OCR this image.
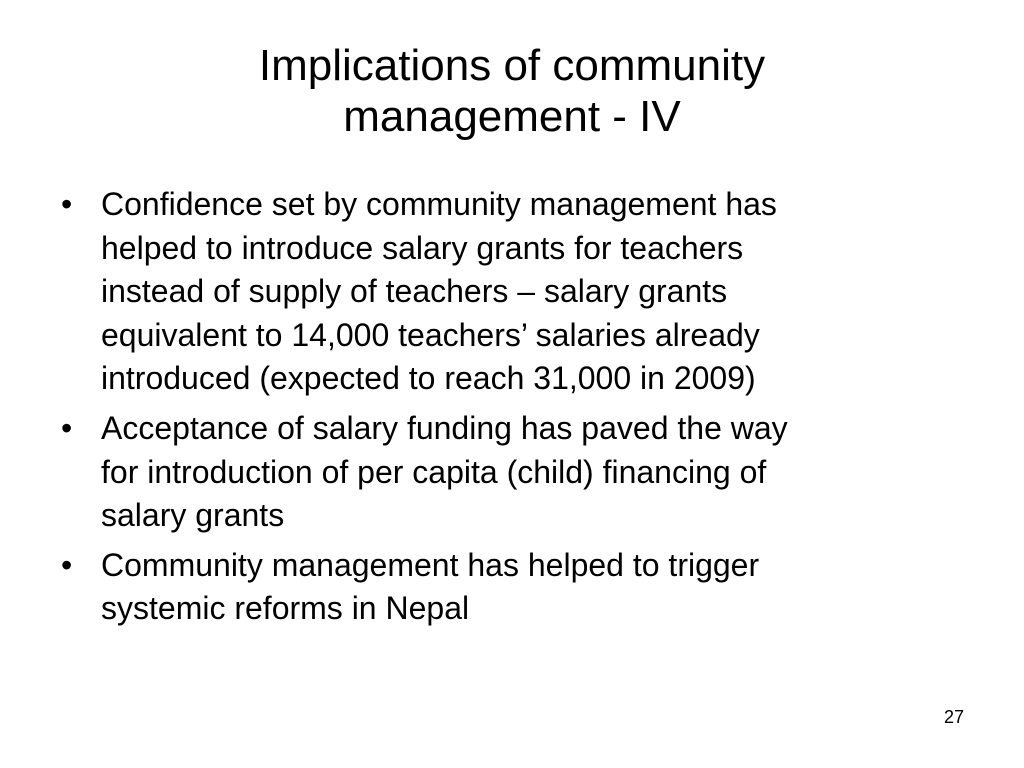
Implications of community
management - IV
• Confidence set by community management has
helped to introduce salary grants for teachers
instead of supply of teachers – salary grants
equivalent to 14,000 teachers’ salaries already
introduced (expected to reach 31,000 in 2009)
• Acceptance of salary funding has paved the way
for introduction of per capita (child) financing of
salary grants
• Community management has helped to trigger
systemic reforms in Nepal
27
